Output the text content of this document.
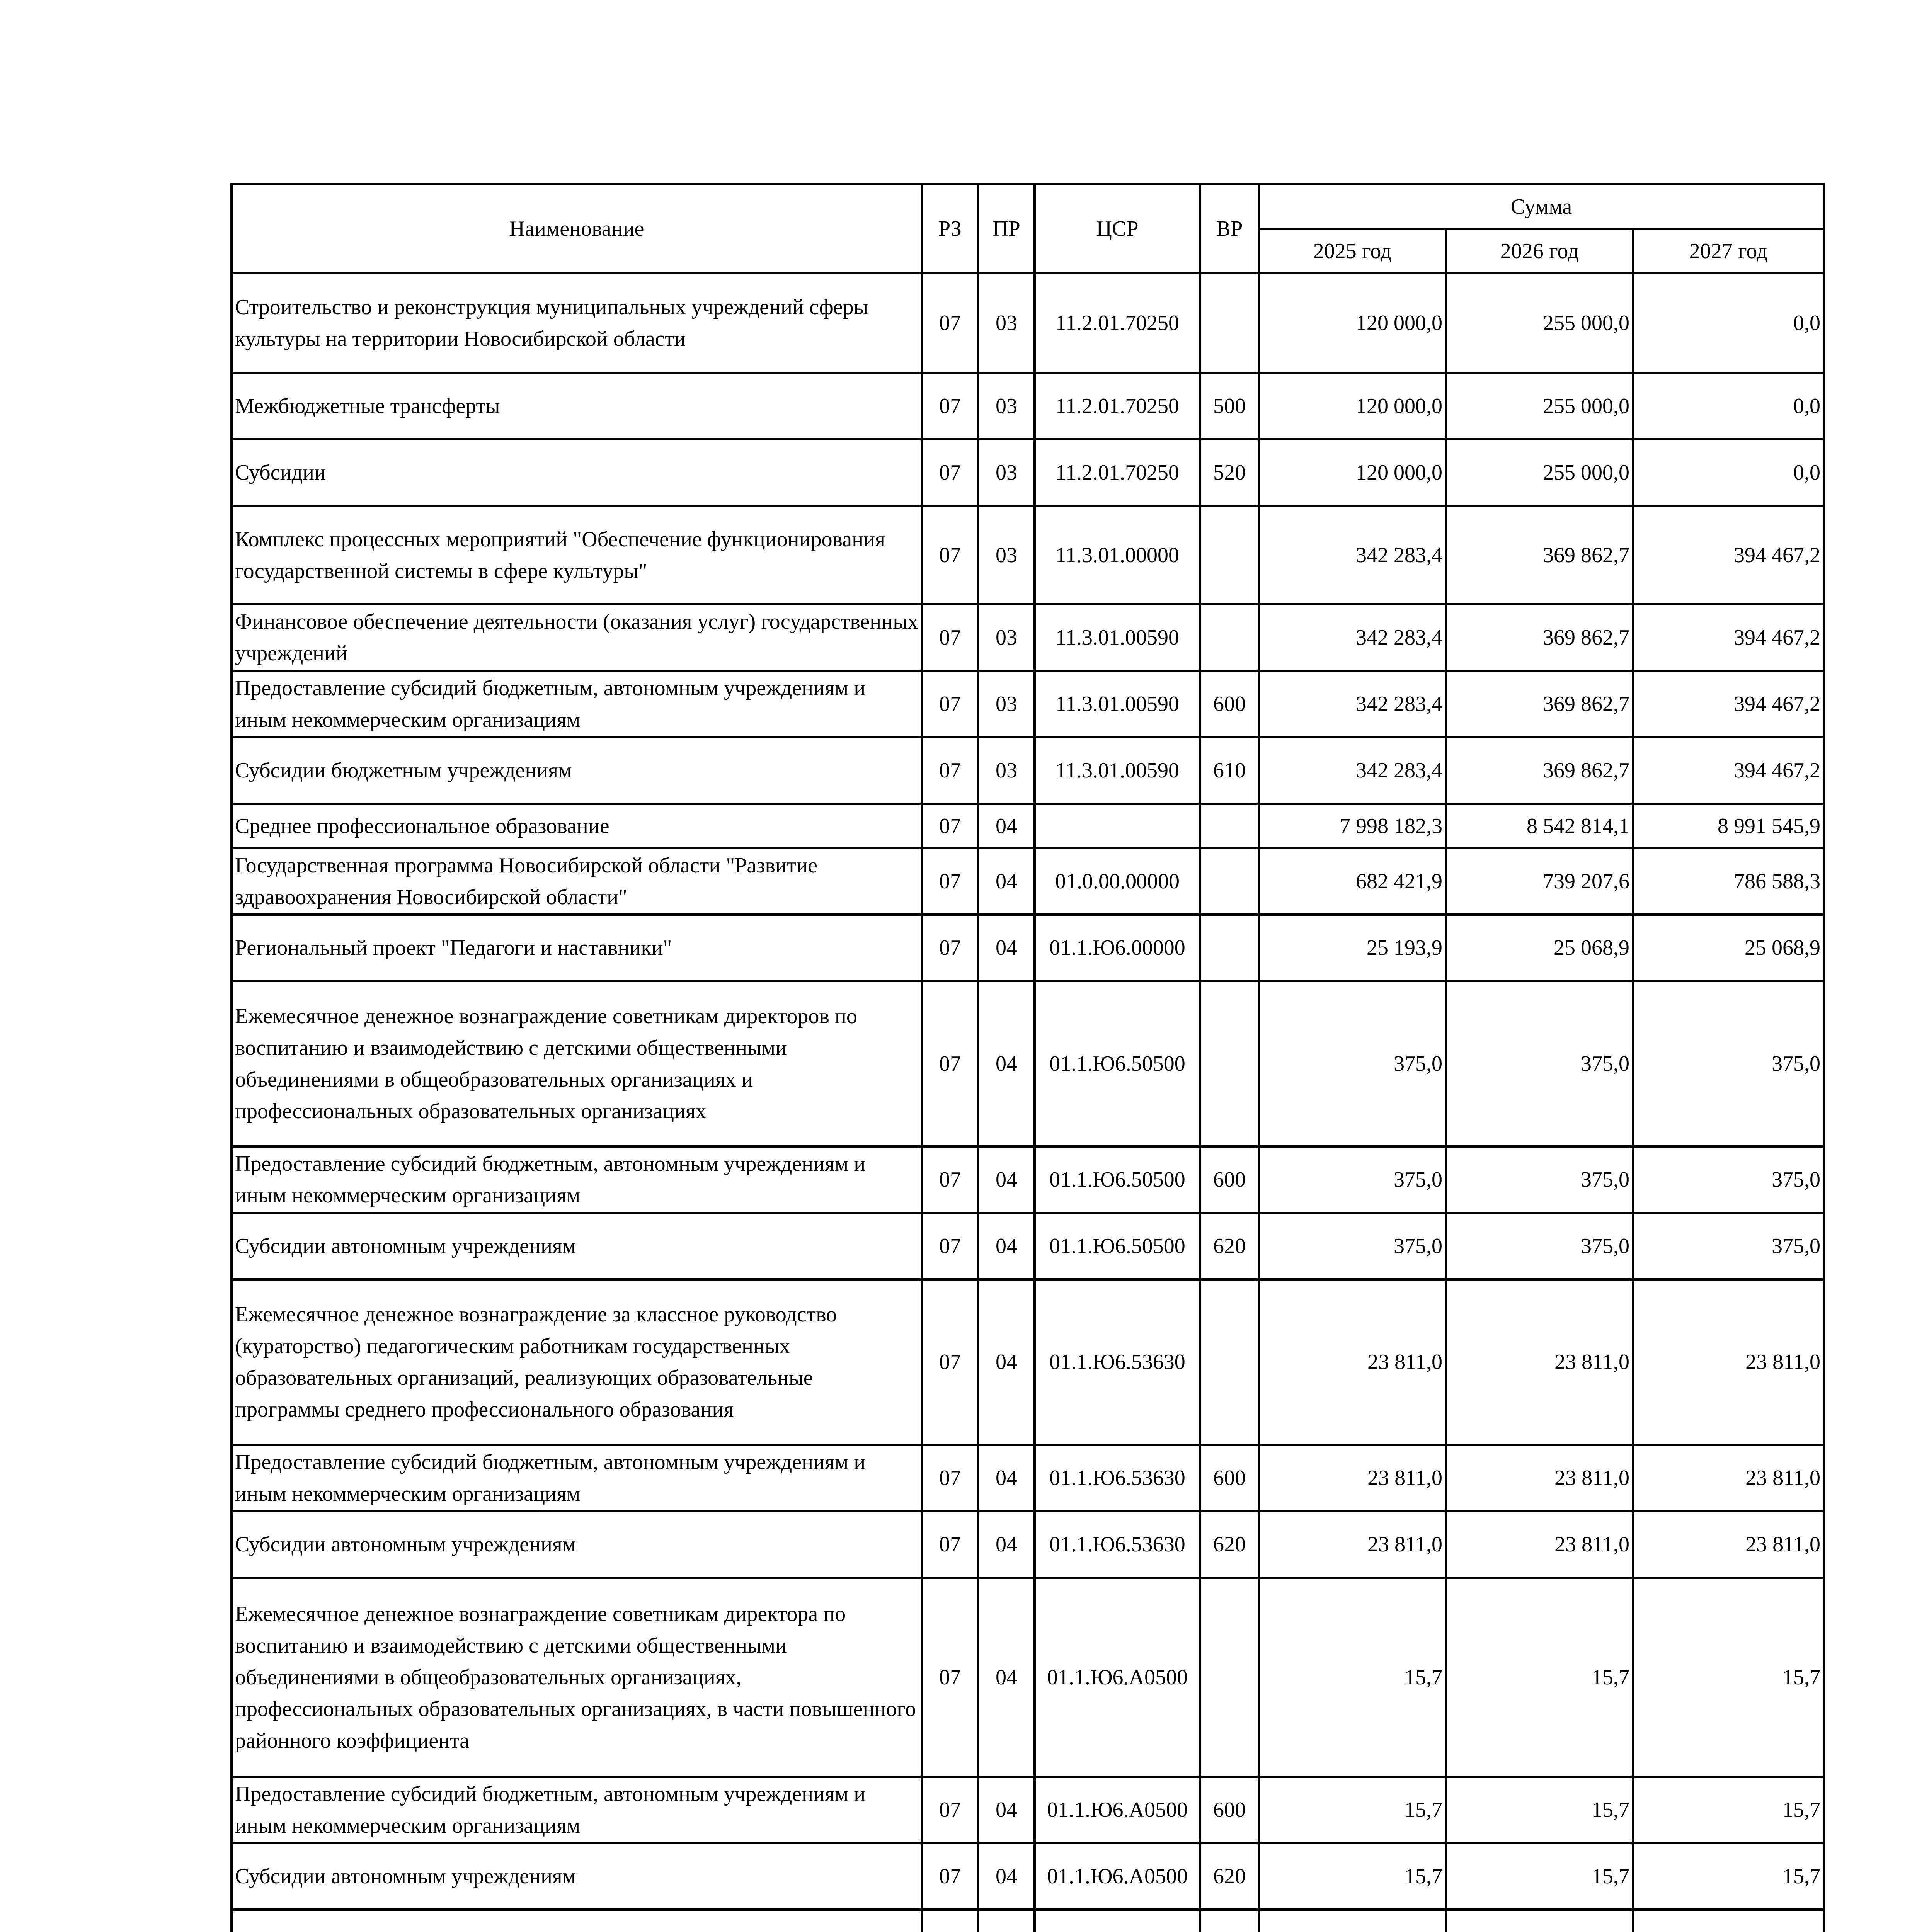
Наименование	РЗ	ПР	ЦСР	ВР	Сумма		
					2025 год	2026 год	2027 год
Строительство и реконструкция муниципальных учреждений сферы культуры на территории Новосибирской области	07	03	11.2.01.70250		120 000,0	255 000,0	0,0
Межбюджетные трансферты	07	03	11.2.01.70250	500	120 000,0	255 000,0	0,0
Субсидии	07	03	11.2.01.70250	520	120 000,0	255 000,0	0,0
Комплекс процессных мероприятий "Обеспечение функционирования государственной системы в сфере культуры"	07	03	11.3.01.00000		342 283,4	369 862,7	394 467,2
Финансовое обеспечение деятельности (оказания услуг) государственных учреждений	07	03	11.3.01.00590		342 283,4	369 862,7	394 467,2
Предоставление субсидий бюджетным, автономным учреждениям и иным некоммерческим организациям	07	03	11.3.01.00590	600	342 283,4	369 862,7	394 467,2
Субсидии бюджетным учреждениям	07	03	11.3.01.00590	610	342 283,4	369 862,7	394 467,2
Среднее профессиональное образование	07	04			7 998 182,3	8 542 814,1	8 991 545,9
Государственная программа Новосибирской области "Развитие здравоохранения Новосибирской области"	07	04	01.0.00.00000		682 421,9	739 207,6	786 588,3
Региональный проект "Педагоги и наставники"	07	04	01.1.Ю6.00000		25 193,9	25 068,9	25 068,9
Ежемесячное денежное вознаграждение советникам директоров по воспитанию и взаимодействию с детскими общественными объединениями в общеобразовательных организациях и профессиональных образовательных организациях	07	04	01.1.Ю6.50500		375,0	375,0	375,0
Предоставление субсидий бюджетным, автономным учреждениям и иным некоммерческим организациям	07	04	01.1.Ю6.50500	600	375,0	375,0	375,0
Субсидии автономным учреждениям	07	04	01.1.Ю6.50500	620	375,0	375,0	375,0
Ежемесячное денежное вознаграждение за классное руководство (кураторство) педагогическим работникам государственных образовательных организаций, реализующих образовательные программы среднего профессионального образования	07	04	01.1.Ю6.53630		23 811,0	23 811,0	23 811,0
Предоставление субсидий бюджетным, автономным учреждениям и иным некоммерческим организациям	07	04	01.1.Ю6.53630	600	23 811,0	23 811,0	23 811,0
Субсидии автономным учреждениям	07	04	01.1.Ю6.53630	620	23 811,0	23 811,0	23 811,0
Ежемесячное денежное вознаграждение советникам директора по воспитанию и взаимодействию с детскими общественными объединениями в общеобразовательных организациях, профессиональных образовательных организациях, в части повышенного районного коэффициента	07	04	01.1.Ю6.А0500		15,7	15,7	15,7
Предоставление субсидий бюджетным, автономным учреждениям и иным некоммерческим организациям	07	04	01.1.Ю6.А0500	600	15,7	15,7	15,7
Субсидии автономным учреждениям	07	04	01.1.Ю6.А0500	620	15,7	15,7	15,7
